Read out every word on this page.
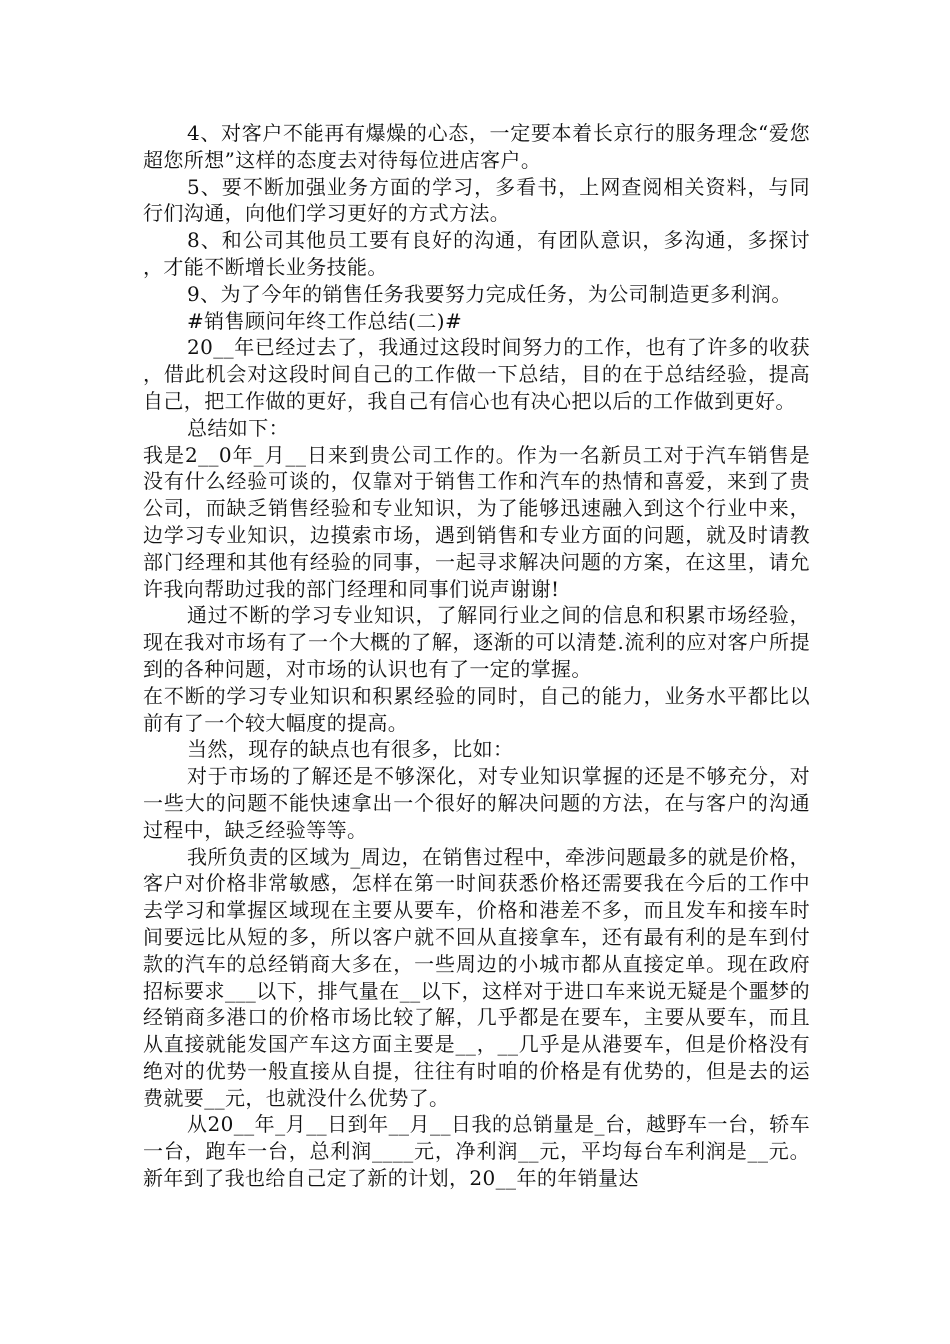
4、对客户不能再有爆燥的心态，一定要本着长京行的服务理念“爱您超您所想”这样的态度去对待每位进店客户。

5、要不断加强业务方面的学习，多看书，上网查阅相关资料，与同行们沟通，向他们学习更好的方式方法。

8、和公司其他员工要有良好的沟通，有团队意识，多沟通，多探讨，才能不断增长业务技能。

9、为了今年的销售任务我要努力完成任务，为公司制造更多利润。

#销售顾问年终工作总结(二)#

20__年已经过去了，我通过这段时间努力的工作，也有了许多的收获，借此机会对这段时间自己的工作做一下总结，目的在于总结经验，提高自己，把工作做的更好，我自己有信心也有决心把以后的工作做到更好。

总结如下：

我是2__0年_月__日来到贵公司工作的。作为一名新员工对于汽车销售是没有什么经验可谈的，仅靠对于销售工作和汽车的热情和喜爱，来到了贵公司，而缺乏销售经验和专业知识，为了能够迅速融入到这个行业中来，边学习专业知识，边摸索市场，遇到销售和专业方面的问题，就及时请教部门经理和其他有经验的同事，一起寻求解决问题的方案，在这里，请允许我向帮助过我的部门经理和同事们说声谢谢!

通过不断的学习专业知识，了解同行业之间的信息和积累市场经验，现在我对市场有了一个大概的了解，逐渐的可以清楚.流利的应对客户所提到的各种问题，对市场的认识也有了一定的掌握。

在不断的学习专业知识和积累经验的同时，自己的能力，业务水平都比以前有了一个较大幅度的提高。

当然，现存的缺点也有很多，比如：

对于市场的了解还是不够深化，对专业知识掌握的还是不够充分，对一些大的问题不能快速拿出一个很好的解决问题的方法，在与客户的沟通过程中，缺乏经验等等。

我所负责的区域为_周边，在销售过程中，牵涉问题最多的就是价格，客户对价格非常敏感，怎样在第一时间获悉价格还需要我在今后的工作中去学习和掌握区域现在主要从要车，价格和港差不多，而且发车和接车时间要远比从短的多，所以客户就不回从直接拿车，还有最有利的是车到付款的汽车的总经销商大多在，一些周边的小城市都从直接定单。现在政府招标要求___以下，排气量在__以下，这样对于进口车来说无疑是个噩梦的经销商多港口的价格市场比较了解，几乎都是在要车，主要从要车，而且从直接就能发国产车这方面主要是__，__几乎是从港要车，但是价格没有绝对的优势一般直接从自提，往往有时咱的价格是有优势的，但是去的运费就要__元，也就没什么优势了。

从20__年_月__日到年__月__日我的总销量是_台，越野车一台，轿车一台，跑车一台，总利润____元，净利润__元，平均每台车利润是__元。新年到了我也给自己定了新的计划，20__年的年销量达
